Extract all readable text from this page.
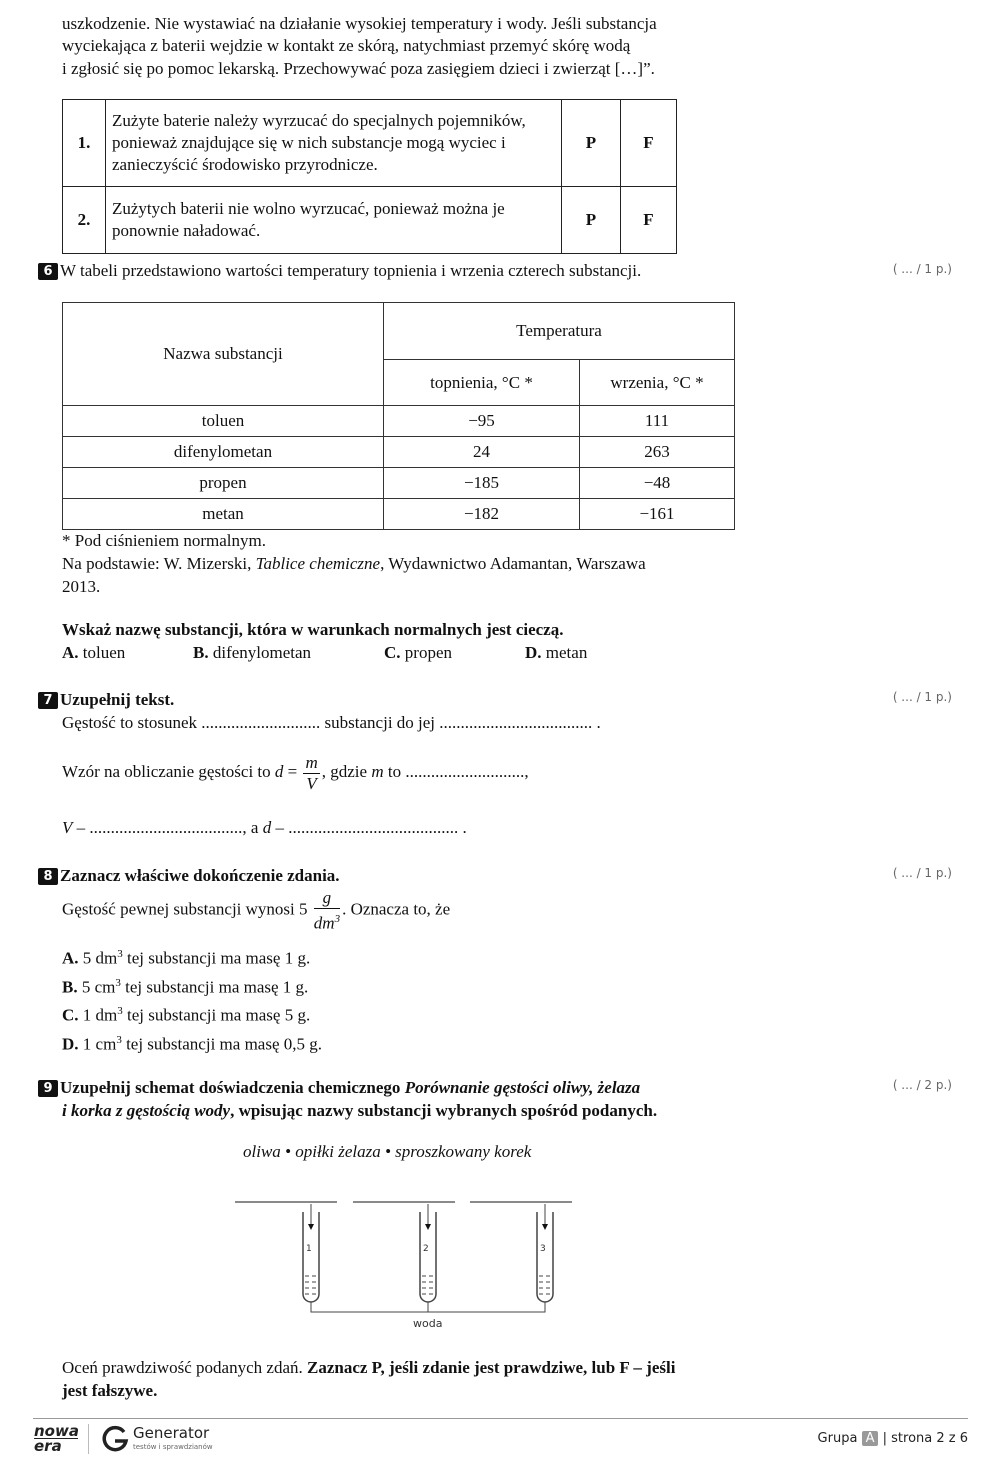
uszkodzenie. Nie wystawiać na działanie wysokiej temperatury i wody. Jeśli substancja
wyciekająca z baterii wejdzie w kontakt ze skórą, natychmiast przemyć skórę wodą
i zgłosić się po pomoc lekarską. Przechowywać poza zasięgiem dzieci i zwierząt […]”.
1.	Zużyte baterie należy wyrzucać do specjalnych pojemników, ponieważ znajdujące się w nich substancje mogą wyciec i zanieczyścić środowisko przyrodnicze.	P	F
2.	Zużytych baterii nie wolno wyrzucać, ponieważ można je ponownie naładować.	P	F
6 W tabeli przedstawiono wartości temperatury topnienia i wrzenia czterech substancji.	( ... / 1 p.)
Nazwa substancji	Temperatura	
	topnienia, °C *	wrzenia, °C *
toluen	−95	111
difenylometan	24	263
propen	−185	−48
metan	−182	−161
* Pod ciśnieniem normalnym.
Na podstawie: W. Mizerski, Tablice chemiczne, Wydawnictwo Adamantan, Warszawa
2013.
Wskaż nazwę substancji, która w warunkach normalnych jest cieczą.
A. toluen	B. difenylometan	C. propen	D. metan
7 Uzupełnij tekst.	( ... / 1 p.)
Gęstość to stosunek ............................ substancji do jej .................................... .
Wzór na obliczanie gęstości to $d = \frac{m}{V}$ , gdzie m to ............................,
V – ...................................., a d – ........................................ .
8 Zaznacz właściwe dokończenie zdania.	( ... / 1 p.)
Gęstość pewnej substancji wynosi $5 \frac{g}{dm^3}$ . Oznacza to, że
A. 5 $dm^3$ tej substancji ma masę 1 g.
B. 5 $cm^3$ tej substancji ma masę 1 g.
C. 1 $dm^3$ tej substancji ma masę 5 g.
D. 1 $cm^3$ tej substancji ma masę 0,5 g.
9 Uzupełnij schemat doświadczenia chemicznego Porównanie gęstości oliwy, żelaza
i korka z gęstością wody, wpisując nazwy substancji wybranych spośród podanych.
( ... / 2 p.)
oliwa • opiłki żelaza • sproszkowany korek
1	2	3
woda
Oceń prawdziwość podanych zdań. Zaznacz P, jeśli zdanie jest prawdziwe, lub F – jeśli
jest fałszywe.
nowa
era
Generator
testów i sprawdzianów
Grupa A | strona 2 z 6
